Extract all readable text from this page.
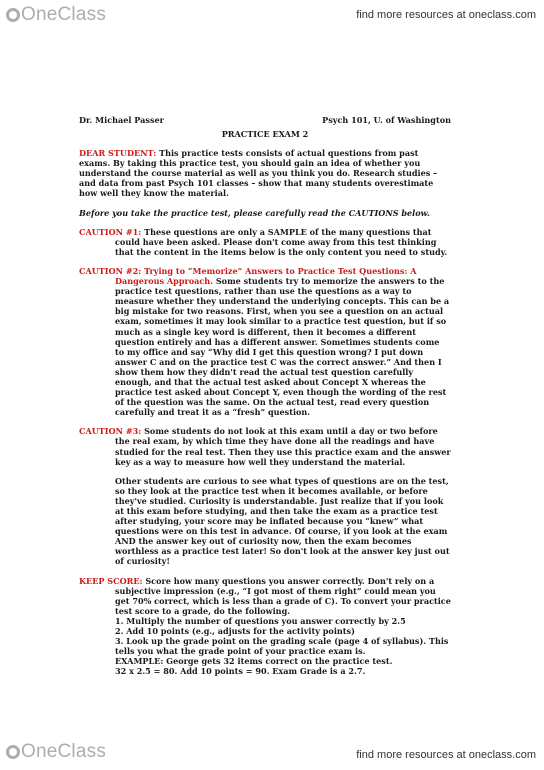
OneClass	find more resources at oneclass.com
Dr. Michael Passer	Psych 101, U. of Washington
PRACTICE EXAM 2

DEAR STUDENT: This practice tests consists of actual questions from past exams. By taking this practice test, you should gain an idea of whether you understand the course material as well as you think you do. Research studies – and data from past Psych 101 classes – show that many students overestimate how well they know the material.

Before you take the practice test, please carefully read the CAUTIONS below.

CAUTION #1: These questions are only a SAMPLE of the many questions that could have been asked. Please don't come away from this test thinking that the content in the items below is the only content you need to study.

CAUTION #2: Trying to “Memorize” Answers to Practice Test Questions: A Dangerous Approach. Some students try to memorize the answers to the practice test questions, rather than use the questions as a way to measure whether they understand the underlying concepts. This can be a big mistake for two reasons. First, when you see a question on an actual exam, sometimes it may look similar to a practice test question, but if so much as a single key word is different, then it becomes a different question entirely and has a different answer. Sometimes students come to my office and say “Why did I get this question wrong? I put down answer C and on the practice test C was the correct answer.” And then I show them how they didn't read the actual test question carefully enough, and that the actual test asked about Concept X whereas the practice test asked about Concept Y, even though the wording of the rest of the question was the same. On the actual test, read every question carefully and treat it as a “fresh” question.

CAUTION #3: Some students do not look at this exam until a day or two before the real exam, by which time they have done all the readings and have studied for the real test. Then they use this practice exam and the answer key as a way to measure how well they understand the material.

Other students are curious to see what types of questions are on the test, so they look at the practice test when it becomes available, or before they've studied. Curiosity is understandable. Just realize that if you look at this exam before studying, and then take the exam as a practice test after studying, your score may be inflated because you “knew” what questions were on this test in advance. Of course, if you look at the exam AND the answer key out of curiosity now, then the exam becomes worthless as a practice test later! So don't look at the answer key just out of curiosity!

KEEP SCORE: Score how many questions you answer correctly. Don't rely on a subjective impression (e.g., “I got most of them right” could mean you get 70% correct, which is less than a grade of C). To convert your practice test score to a grade, do the following.

1. Multiply the number of questions you answer correctly by 2.5

2. Add 10 points (e.g., adjusts for the activity points)

3. Look up the grade point on the grading scale (page 4 of syllabus). This tells you what the grade point of your practice exam is.

EXAMPLE: George gets 32 items correct on the practice test.

32 x 2.5 = 80. Add 10 points = 90. Exam Grade is a 2.7.

OneClass	find more resources at oneclass.com
